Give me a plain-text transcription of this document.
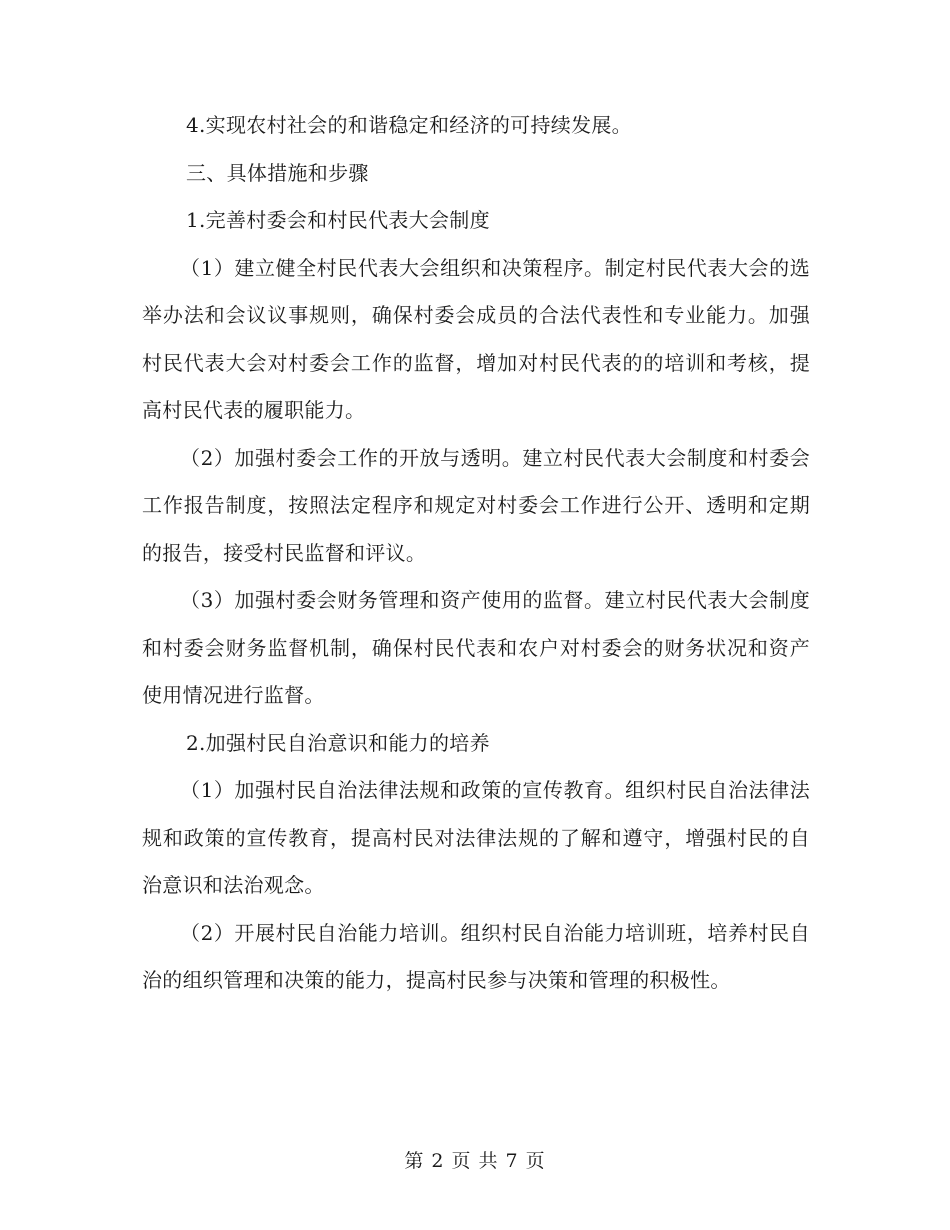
4.实现农村社会的和谐稳定和经济的可持续发展。

三、具体措施和步骤

1.完善村委会和村民代表大会制度

（1）建立健全村民代表大会组织和决策程序。制定村民代表大会的选举办法和会议议事规则，确保村委会成员的合法代表性和专业能力。加强村民代表大会对村委会工作的监督，增加对村民代表的的培训和考核，提高村民代表的履职能力。

（2）加强村委会工作的开放与透明。建立村民代表大会制度和村委会工作报告制度，按照法定程序和规定对村委会工作进行公开、透明和定期的报告，接受村民监督和评议。

（3）加强村委会财务管理和资产使用的监督。建立村民代表大会制度和村委会财务监督机制，确保村民代表和农户对村委会的财务状况和资产使用情况进行监督。

2.加强村民自治意识和能力的培养

（1）加强村民自治法律法规和政策的宣传教育。组织村民自治法律法规和政策的宣传教育，提高村民对法律法规的了解和遵守，增强村民的自治意识和法治观念。

（2）开展村民自治能力培训。组织村民自治能力培训班，培养村民自治的组织管理和决策的能力，提高村民参与决策和管理的积极性。

第 2 页 共 7 页
